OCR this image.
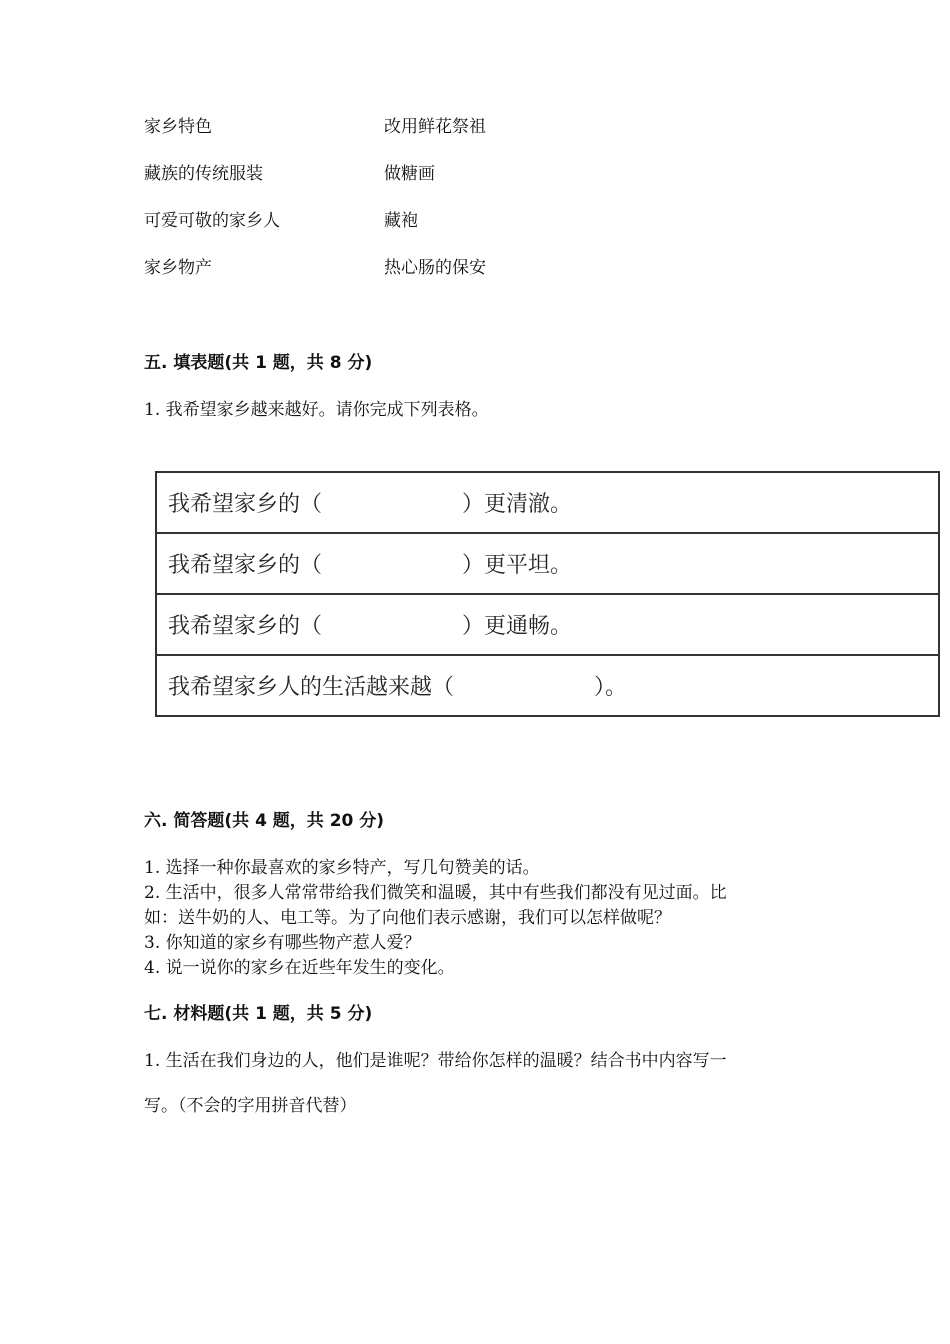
家乡特色	改用鲜花祭祖
藏族的传统服装	做糖画
可爱可敬的家乡人	藏袍
家乡物产	热心肠的保安
五. 填表题(共 1 题，共 8 分)
1. 我希望家乡越来越好。请你完成下列表格。
我希望家乡的（	）更清澈。
我希望家乡的（	）更平坦。
我希望家乡的（	）更通畅。
我希望家乡人的生活越来越（	）。
六. 简答题(共 4 题，共 20 分)
1. 选择一种你最喜欢的家乡特产，写几句赞美的话。
2. 生活中，很多人常常带给我们微笑和温暖，其中有些我们都没有见过面。比
如：送牛奶的人、电工等。为了向他们表示感谢，我们可以怎样做呢？
3. 你知道的家乡有哪些物产惹人爱？
4. 说一说你的家乡在近些年发生的变化。
七. 材料题(共 1 题，共 5 分)
1. 生活在我们身边的人，他们是谁呢？带给你怎样的温暖？结合书中内容写一
写。（不会的字用拼音代替）
